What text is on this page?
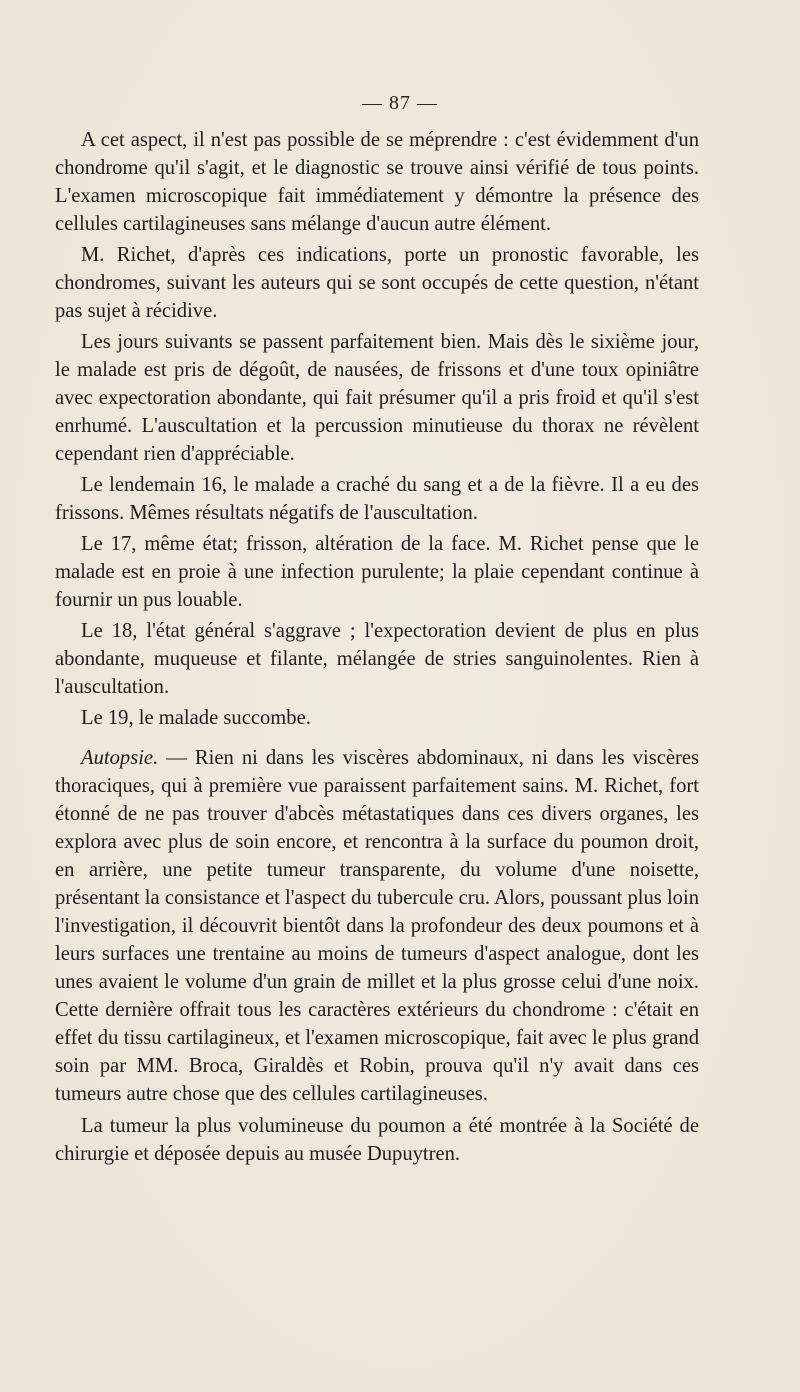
— 87 —

A cet aspect, il n'est pas possible de se méprendre : c'est évidemment d'un chondrome qu'il s'agit, et le diagnostic se trouve ainsi vérifié de tous points. L'examen microscopique fait immédiatement y démontre la présence des cellules cartilagineuses sans mélange d'aucun autre élément.

M. Richet, d'après ces indications, porte un pronostic favorable, les chondromes, suivant les auteurs qui se sont occupés de cette question, n'étant pas sujet à récidive.

Les jours suivants se passent parfaitement bien. Mais dès le sixième jour, le malade est pris de dégoût, de nausées, de frissons et d'une toux opiniâtre avec expectoration abondante, qui fait présumer qu'il a pris froid et qu'il s'est enrhumé. L'auscultation et la percussion minutieuse du thorax ne révèlent cependant rien d'appréciable.

Le lendemain 16, le malade a craché du sang et a de la fièvre. Il a eu des frissons. Mêmes résultats négatifs de l'auscultation.

Le 17, même état; frisson, altération de la face. M. Richet pense que le malade est en proie à une infection purulente; la plaie cependant continue à fournir un pus louable.

Le 18, l'état général s'aggrave ; l'expectoration devient de plus en plus abondante, muqueuse et filante, mélangée de stries sanguinolentes. Rien à l'auscultation.

Le 19, le malade succombe.

Autopsie. — Rien ni dans les viscères abdominaux, ni dans les viscères thoraciques, qui à première vue paraissent parfaitement sains. M. Richet, fort étonné de ne pas trouver d'abcès métastatiques dans ces divers organes, les explora avec plus de soin encore, et rencontra à la surface du poumon droit, en arrière, une petite tumeur transparente, du volume d'une noisette, présentant la consistance et l'aspect du tubercule cru. Alors, poussant plus loin l'investigation, il découvrit bientôt dans la profondeur des deux poumons et à leurs surfaces une trentaine au moins de tumeurs d'aspect analogue, dont les unes avaient le volume d'un grain de millet et la plus grosse celui d'une noix. Cette dernière offrait tous les caractères extérieurs du chondrome : c'était en effet du tissu cartilagineux, et l'examen microscopique, fait avec le plus grand soin par MM. Broca, Giraldès et Robin, prouva qu'il n'y avait dans ces tumeurs autre chose que des cellules cartilagineuses.

La tumeur la plus volumineuse du poumon a été montrée à la Société de chirurgie et déposée depuis au musée Dupuytren.
